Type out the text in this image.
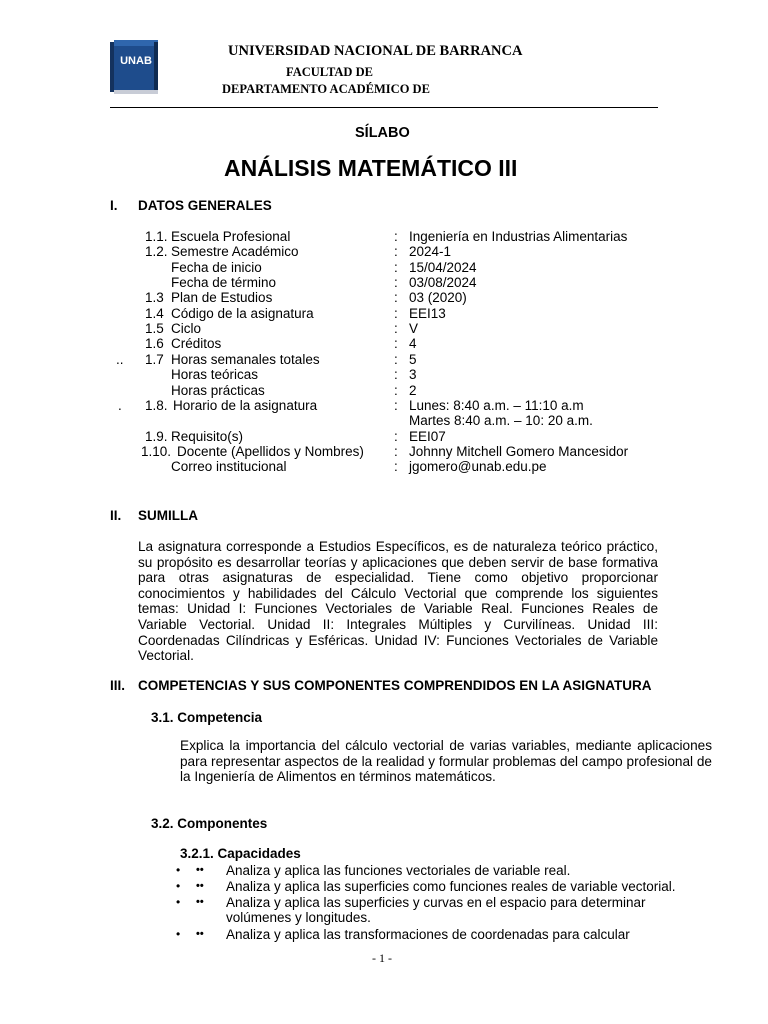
UNAB
UNIVERSIDAD NACIONAL DE BARRANCA
FACULTAD DE
DEPARTAMENTO ACADÉMICO DE
SÍLABO
ANÁLISIS MATEMÁTICO III
I. DATOS GENERALES
1.1. Escuela Profesional	: Ingeniería en Industrias Alimentarias
1.2. Semestre Académico	: 2024-1
Fecha de inicio	: 15/04/2024
Fecha de término	: 03/08/2024
1.3 Plan de Estudios	: 03 (2020)
1.4 Código de la asignatura	: EEI13
1.5 Ciclo	: V
1.6 Créditos	: 4
.. 1.7 Horas semanales totales	: 5
Horas teóricas	: 3
Horas prácticas	: 2
. 1.8. Horario de la asignatura	: Lunes: 8:40 a.m. – 11:10 a.m
Martes 8:40 a.m. – 10: 20 a.m.
1.9. Requisito(s)	: EEI07
1.10. Docente (Apellidos y Nombres) : Johnny Mitchell Gomero Mancesidor
Correo institucional	: jgomero@unab.edu.pe
II. SUMILLA
La asignatura corresponde a Estudios Específicos, es de naturaleza teórico práctico, su propósito es desarrollar teorías y aplicaciones que deben servir de base formativa para otras asignaturas de especialidad. Tiene como objetivo proporcionar conocimientos y habilidades del Cálculo Vectorial que comprende los siguientes temas: Unidad I: Funciones Vectoriales de Variable Real. Funciones Reales de Variable Vectorial. Unidad II: Integrales Múltiples y Curvilíneas. Unidad III: Coordenadas Cilíndricas y Esféricas. Unidad IV: Funciones Vectoriales de Variable Vectorial.
III. COMPETENCIAS Y SUS COMPONENTES COMPRENDIDOS EN LA ASIGNATURA
3.1. Competencia
Explica la importancia del cálculo vectorial de varias variables, mediante aplicaciones para representar aspectos de la realidad y formular problemas del campo profesional de la Ingeniería de Alimentos en términos matemáticos.
3.2. Componentes
3.2.1. Capacidades
• •• Analiza y aplica las funciones vectoriales de variable real.
• •• Analiza y aplica las superficies como funciones reales de variable vectorial.
• •• Analiza y aplica las superficies y curvas en el espacio para determinar
volúmenes y longitudes.
• •• Analiza y aplica las transformaciones de coordenadas para calcular
- 1 -
